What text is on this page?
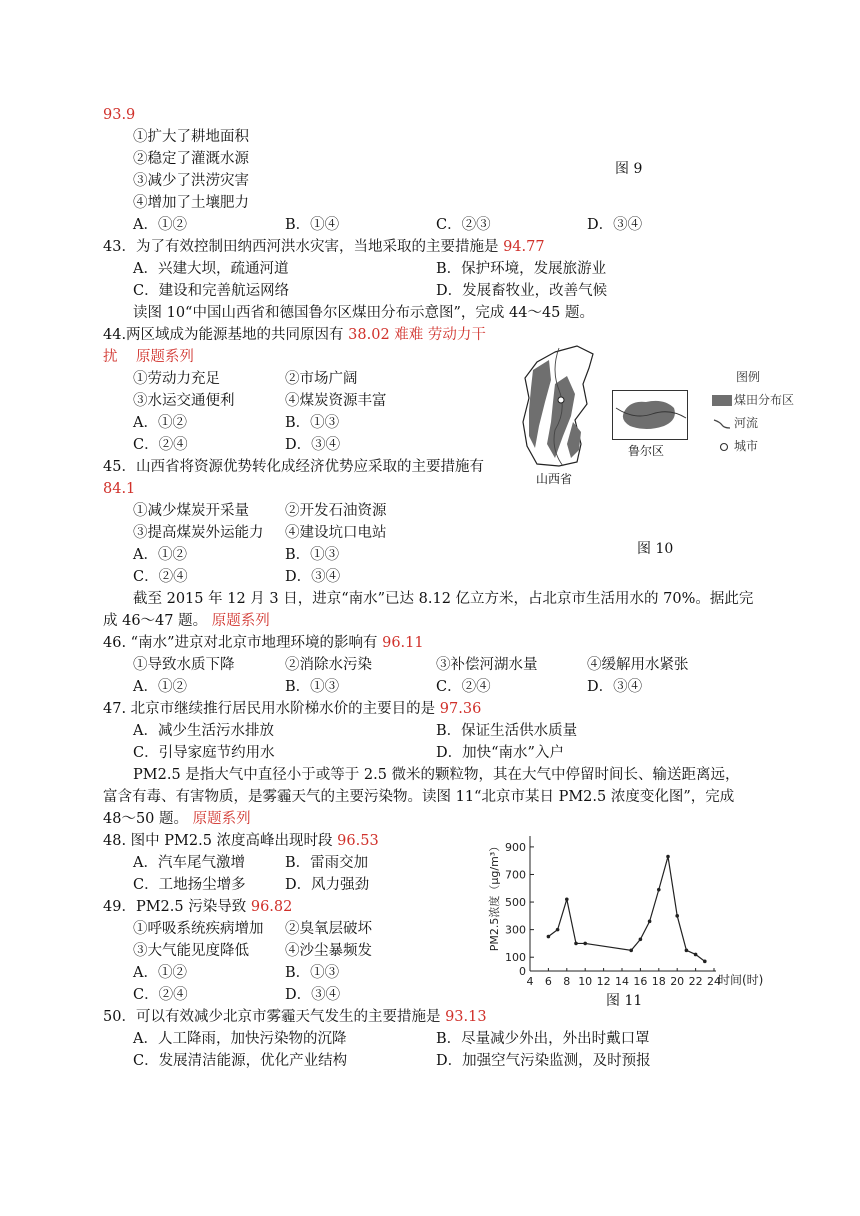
93.9
①扩大了耕地面积
②稳定了灌溉水源
③减少了洪涝灾害
④增加了土壤肥力
图 9
A．①②	B．①④	C．②③	D．③④
43．为了有效控制田纳西河洪水灾害，当地采取的主要措施是 94.77
A．兴建大坝，疏通河道	B．保护环境，发展旅游业
C．建设和完善航运网络	D．发展畜牧业，改善气候
读图 10“中国山西省和德国鲁尔区煤田分布示意图”，完成 44～45 题。
44.两区域成为能源基地的共同原因有 38.02 难难 劳动力干
扰 原题系列
①劳动力充足	②市场广阔
③水运交通便利	④煤炭资源丰富
A．①②	B．①③
C．②④	D．③④
山西省
鲁尔区
图例
煤田分布区
河流
城市
45．山西省将资源优势转化成经济优势应采取的主要措施有
84.1
①减少煤炭开采量 ②开发石油资源
③提高煤炭外运能力 ④建设坑口电站
A．①②	B．①③	图 10
C．②④	D．③④
截至 2015 年 12 月 3 日，进京“南水”已达 8.12 亿立方米，占北京市生活用水的 70%。据此完
成 46～47 题。 原题系列
46. “南水”进京对北京市地理环境的影响有 96.11
①导致水质下降	②消除水污染	③补偿河湖水量	④缓解用水紧张
A．①②	B．①③	C．②④	D．③④
47. 北京市继续推行居民用水阶梯水价的主要目的是 97.36
A．减少生活污水排放	B．保证生活供水质量
C．引导家庭节约用水	D．加快“南水”入户
PM2.5 是指大气中直径小于或等于 2.5 微米的颗粒物，其在大气中停留时间长、输送距离远，
富含有毒、有害物质，是雾霾天气的主要污染物。读图 11“北京市某日 PM2.5 浓度变化图”，完成
48～50 题。 原题系列
48. 图中 PM2.5 浓度高峰出现时段 96.53
A．汽车尾气激增	B．雷雨交加
C．工地扬尘增多	D．风力强劲
49．PM2.5 污染导致 96.82
①呼吸系统疾病增加 ②臭氧层破坏
③大气能见度降低 ④沙尘暴频发
A．①②	B．①③
C．②④	D．③④
50．可以有效减少北京市雾霾天气发生的主要措施是 93.13
A．人工降雨，加快污染物的沉降	B．尽量减少外出，外出时戴口罩
C．发展清洁能源，优化产业结构	D．加强空气污染监测，及时预报
0
100
300
500
700
900
4 6 8 10 12 14 16 18 20 22 24
PM2.5浓度（μg/m³）
时间(时)
图 11
